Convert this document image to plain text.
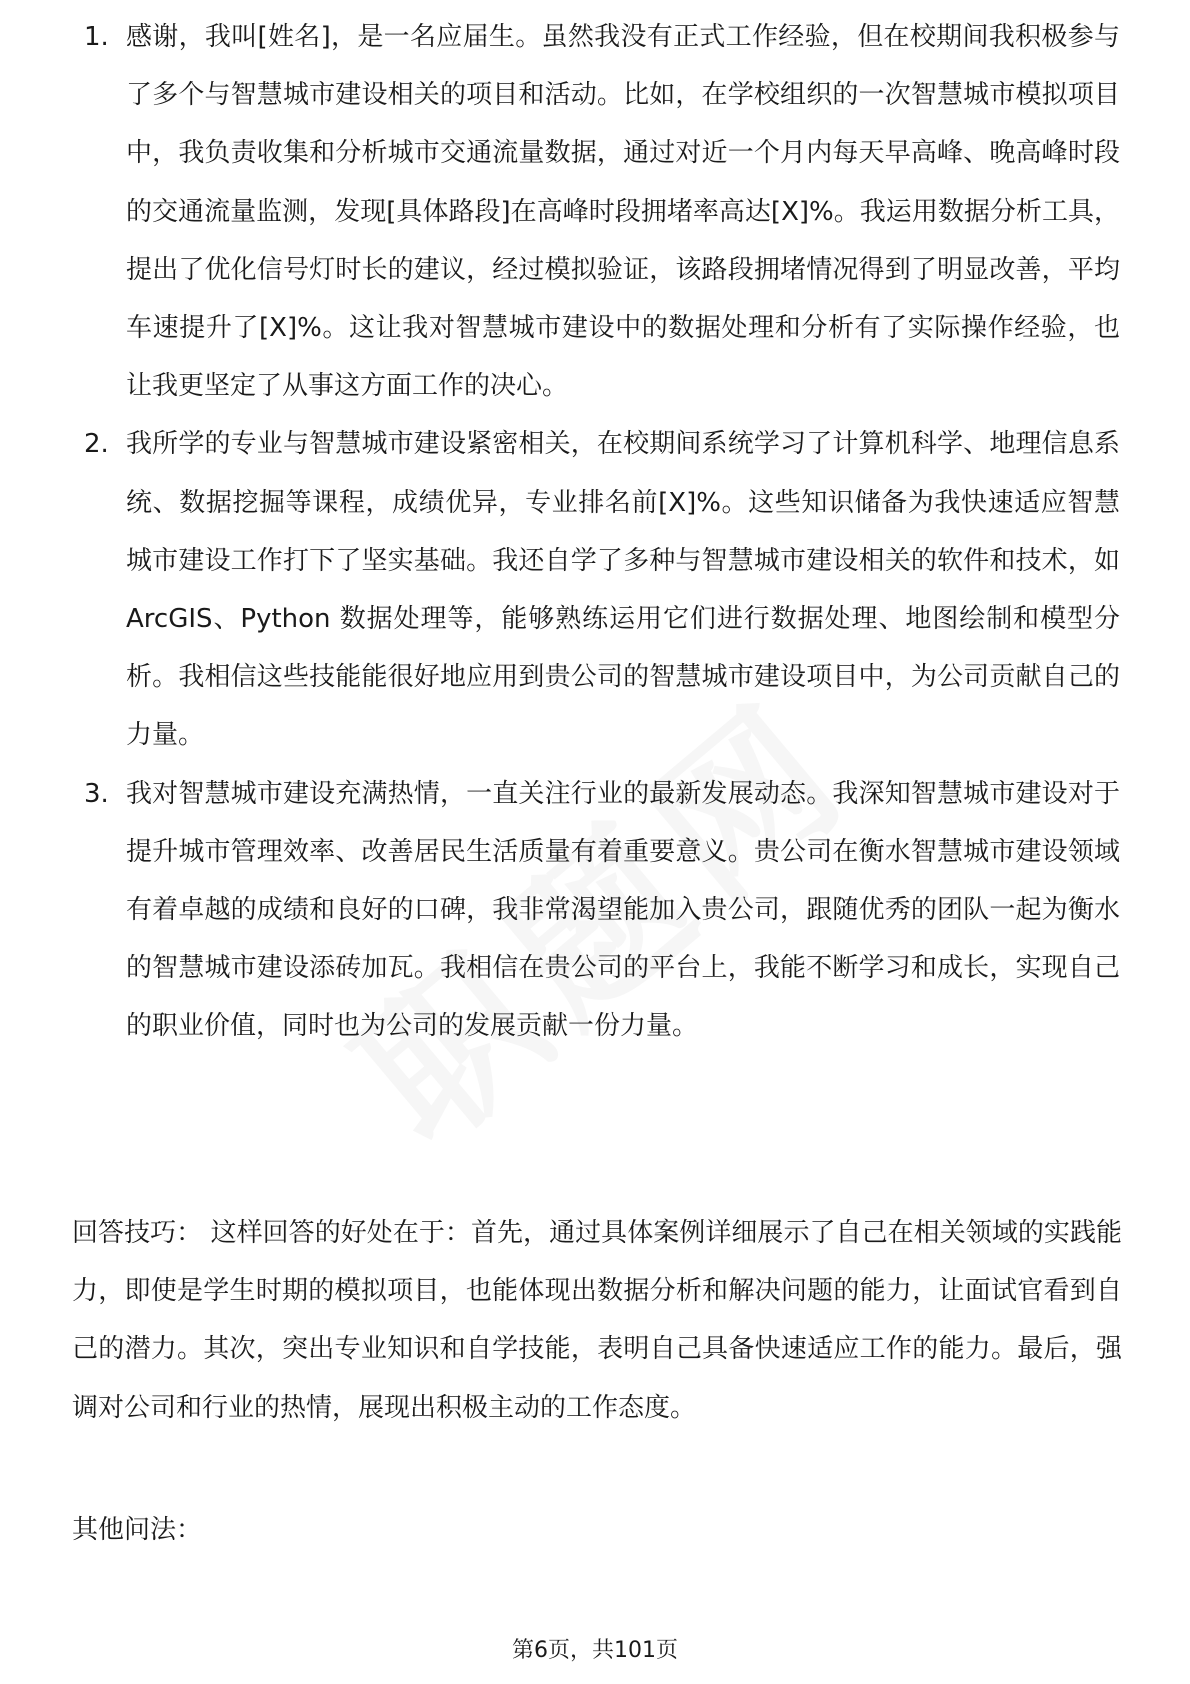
1. 感谢，我叫[姓名]，是一名应届生。虽然我没有正式工作经验，但在校期间我积极参与了多个与智慧城市建设相关的项目和活动。比如，在学校组织的一次智慧城市模拟项目中，我负责收集和分析城市交通流量数据，通过对近一个月内每天早高峰、晚高峰时段的交通流量监测，发现[具体路段]在高峰时段拥堵率高达[X]%。我运用数据分析工具，提出了优化信号灯时长的建议，经过模拟验证，该路段拥堵情况得到了明显改善，平均车速提升了[X]%。这让我对智慧城市建设中的数据处理和分析有了实际操作经验，也让我更坚定了从事这方面工作的决心。
2. 我所学的专业与智慧城市建设紧密相关，在校期间系统学习了计算机科学、地理信息系统、数据挖掘等课程，成绩优异，专业排名前[X]%。这些知识储备为我快速适应智慧城市建设工作打下了坚实基础。我还自学了多种与智慧城市建设相关的软件和技术，如 ArcGIS、Python 数据处理等，能够熟练运用它们进行数据处理、地图绘制和模型分析。我相信这些技能能很好地应用到贵公司的智慧城市建设项目中，为公司贡献自己的力量。
3. 我对智慧城市建设充满热情，一直关注行业的最新发展动态。我深知智慧城市建设对于提升城市管理效率、改善居民生活质量有着重要意义。贵公司在衡水智慧城市建设领域有着卓越的成绩和良好的口碑，我非常渴望能加入贵公司，跟随优秀的团队一起为衡水的智慧城市建设添砖加瓦。我相信在贵公司的平台上，我能不断学习和成长，实现自己的职业价值，同时也为公司的发展贡献一份力量。

回答技巧： 这样回答的好处在于：首先，通过具体案例详细展示了自己在相关领域的实践能力，即使是学生时期的模拟项目，也能体现出数据分析和解决问题的能力，让面试官看到自己的潜力。其次，突出专业知识和自学技能，表明自己具备快速适应工作的能力。最后，强调对公司和行业的热情，展现出积极主动的工作态度。

其他问法：

第6页，共101页
